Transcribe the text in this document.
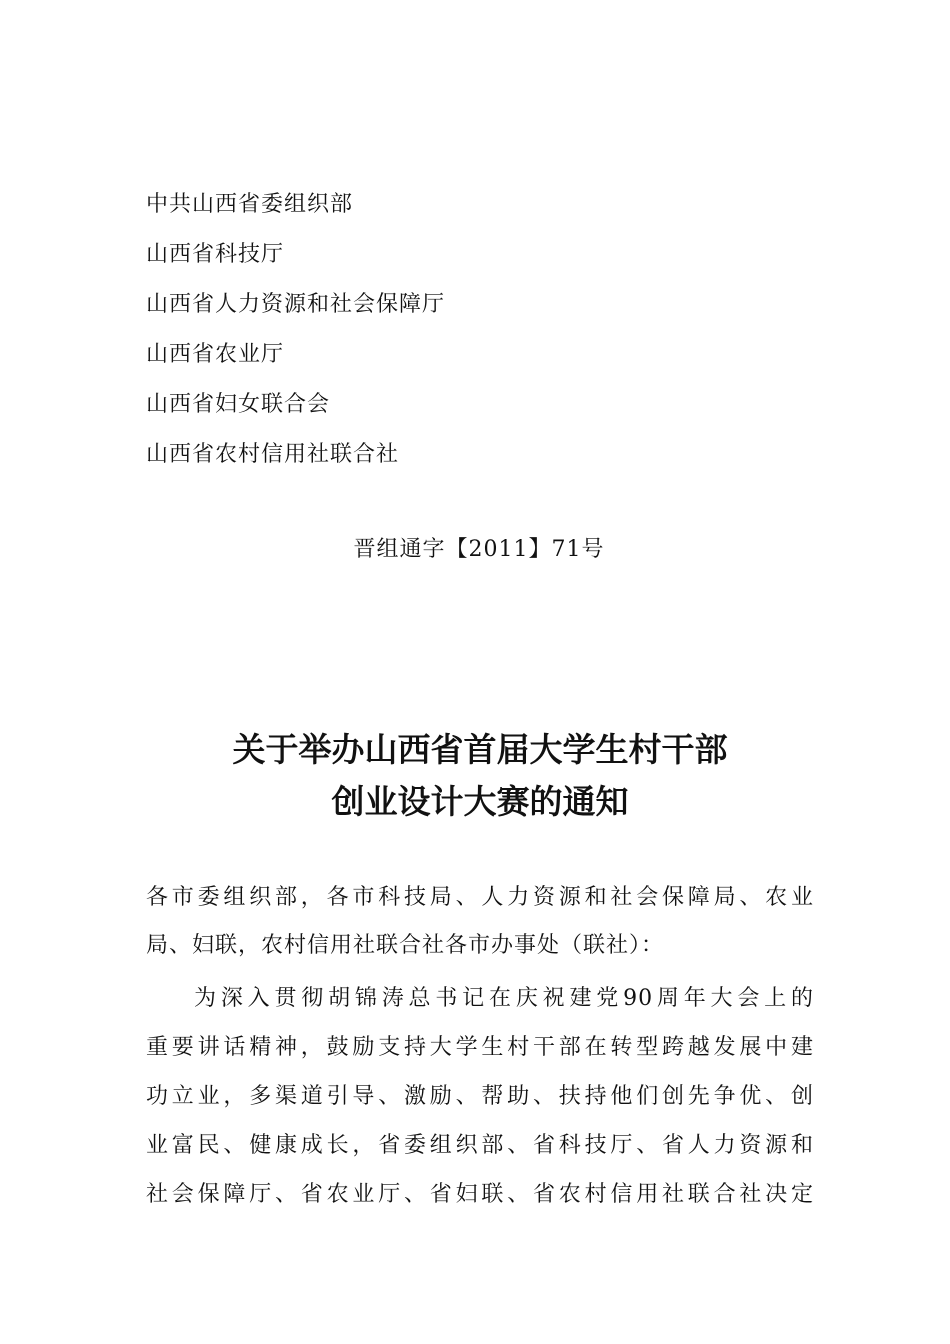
中共山西省委组织部
山西省科技厅
山西省人力资源和社会保障厅
山西省农业厅
山西省妇女联合会
山西省农村信用社联合社
晋组通字【2011】71号
关于举办山西省首届大学生村干部
创业设计大赛的通知
各市委组织部，各市科技局、人力资源和社会保障局、农业
局、妇联，农村信用社联合社各市办事处（联社）：
为深入贯彻胡锦涛总书记在庆祝建党90周年大会上的
重要讲话精神，鼓励支持大学生村干部在转型跨越发展中建
功立业，多渠道引导、激励、帮助、扶持他们创先争优、创
业富民、健康成长，省委组织部、省科技厅、省人力资源和
社会保障厅、省农业厅、省妇联、省农村信用社联合社决定
